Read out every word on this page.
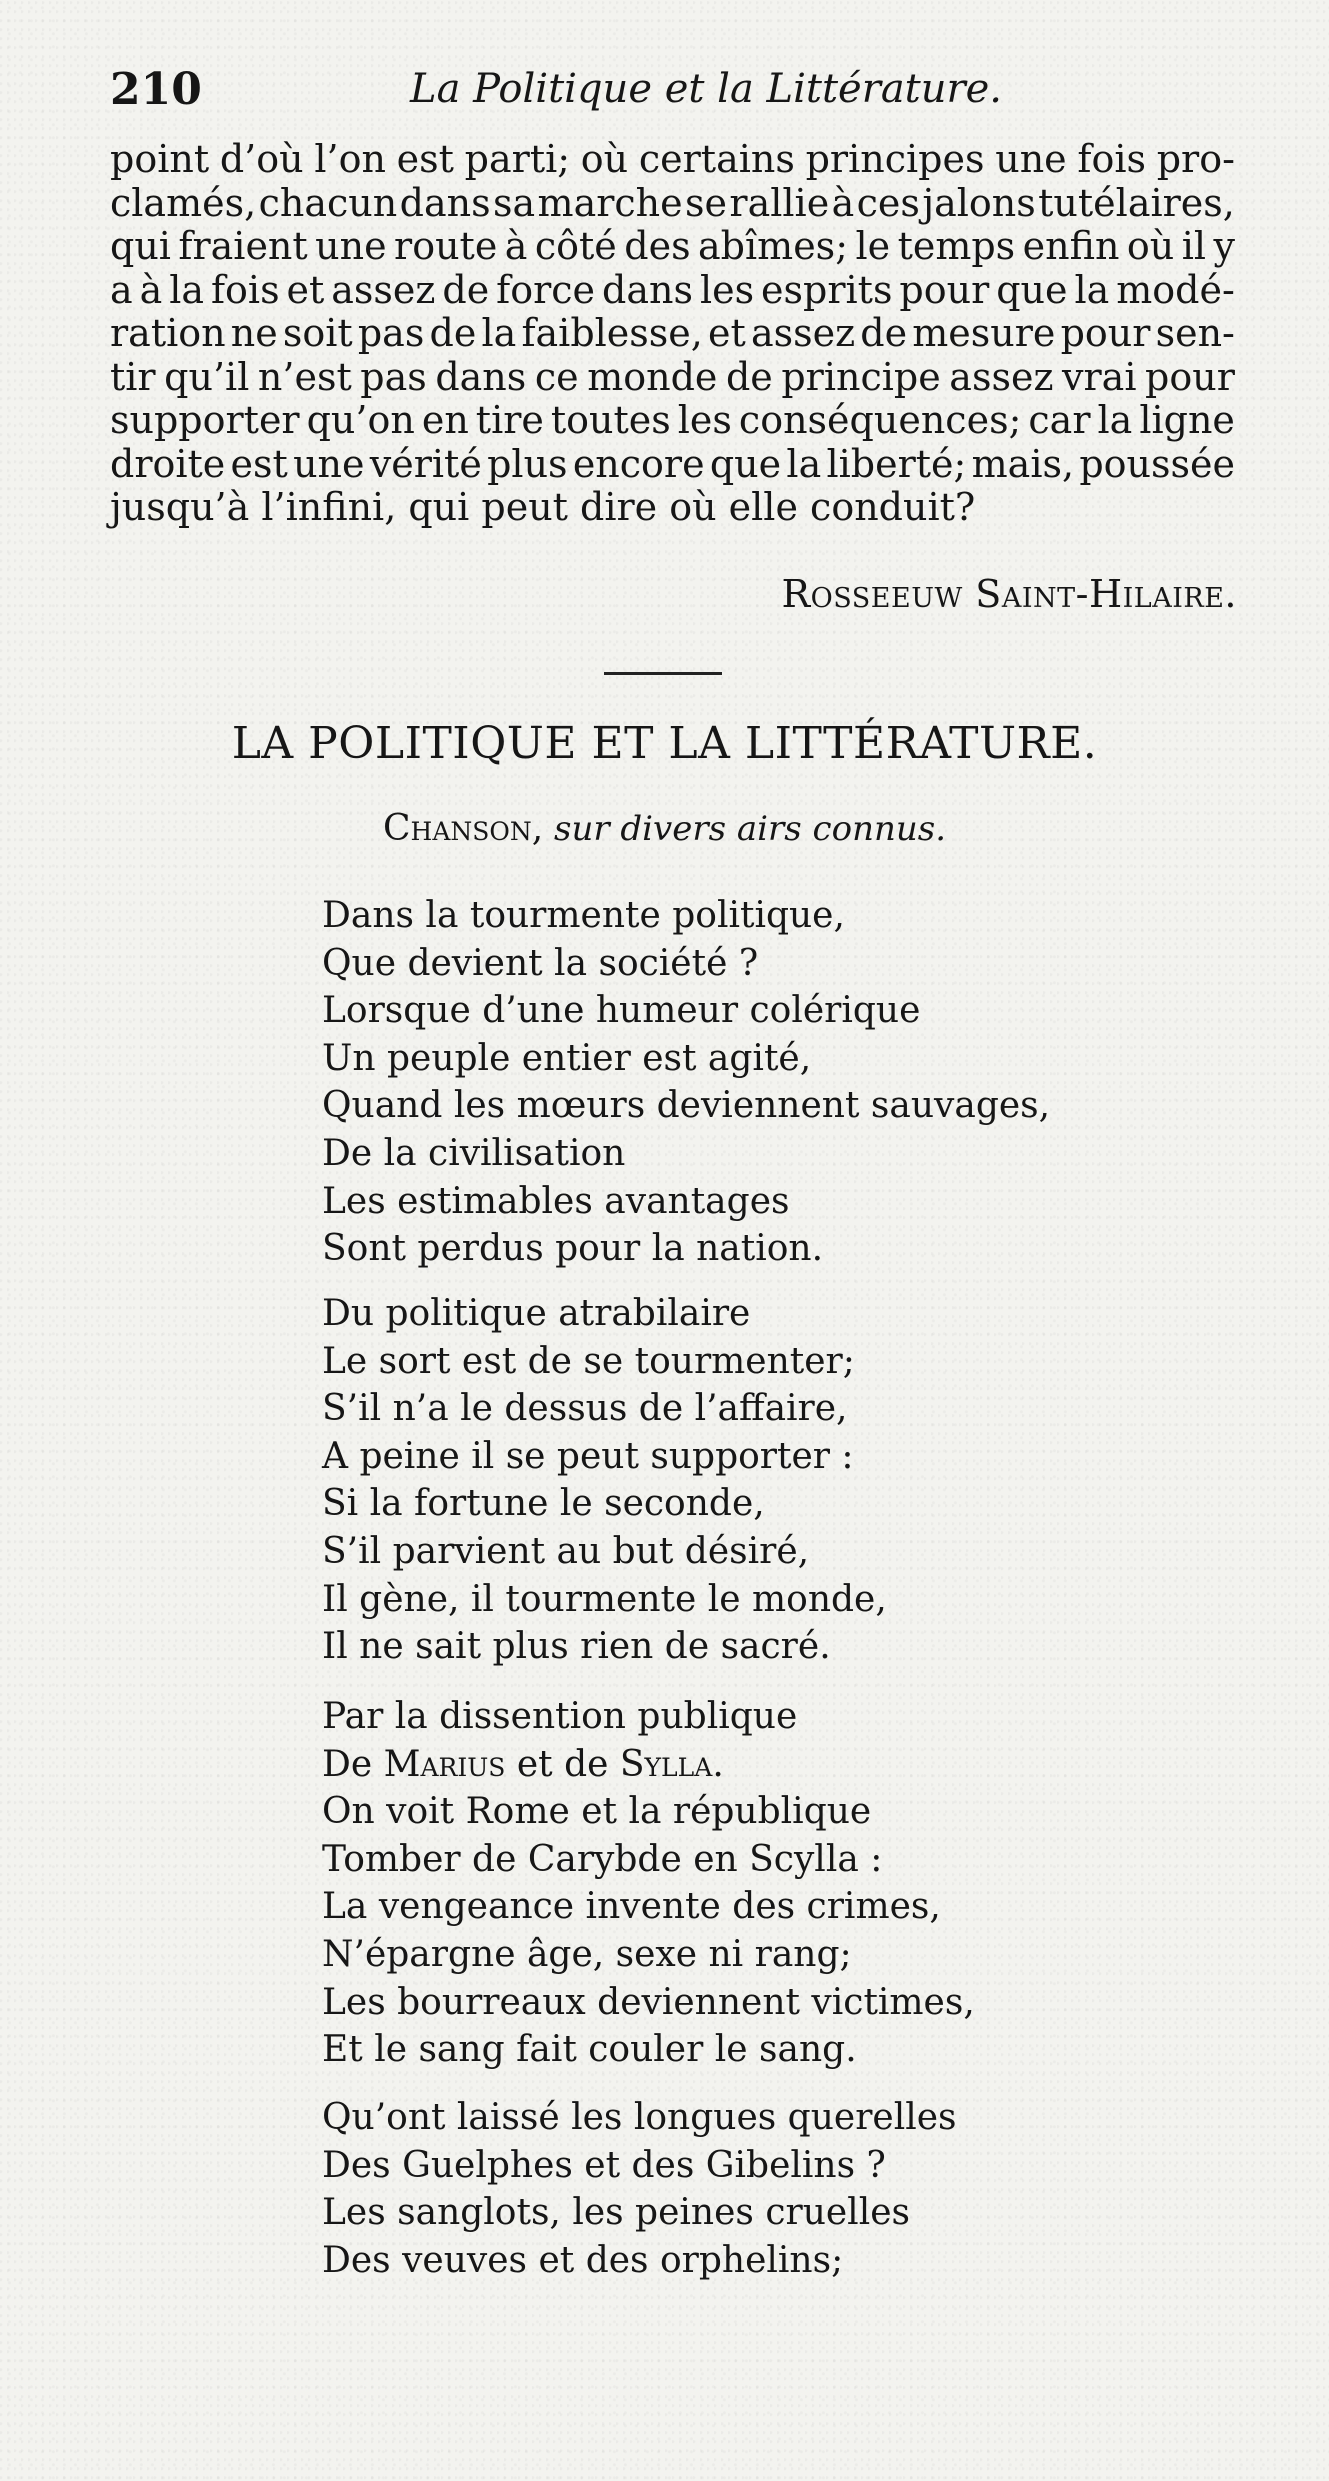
210	La Politique et la Littérature.
point d’où l’on est parti; où certains principes une fois pro-
clamés, chacun dans sa marche se rallie à ces jalons tutélaires,
qui fraient une route à côté des abîmes; le temps enfin où il y
a à la fois et assez de force dans les esprits pour que la modé-
ration ne soit pas de la faiblesse, et assez de mesure pour sen-
tir qu’il n’est pas dans ce monde de principe assez vrai pour
supporter qu’on en tire toutes les conséquences; car la ligne
droite est une vérité plus encore que la liberté; mais, poussée
jusqu’à l’infini, qui peut dire où elle conduit?
Rosseeuw Saint-Hilaire.
LA POLITIQUE ET LA LITTÉRATURE.
Chanson, sur divers airs connus.
Dans la tourmente politique,
Que devient la société ?
Lorsque d’une humeur colérique
Un peuple entier est agité,
Quand les mœurs deviennent sauvages,
De la civilisation
Les estimables avantages
Sont perdus pour la nation.
Du politique atrabilaire
Le sort est de se tourmenter;
S’il n’a le dessus de l’affaire,
A peine il se peut supporter :
Si la fortune le seconde,
S’il parvient au but désiré,
Il gène, il tourmente le monde,
Il ne sait plus rien de sacré.
Par la dissention publique
De Marius et de Sylla.
On voit Rome et la république
Tomber de Carybde en Scylla :
La vengeance invente des crimes,
N’épargne âge, sexe ni rang;
Les bourreaux deviennent victimes,
Et le sang fait couler le sang.
Qu’ont laissé les longues querelles
Des Guelphes et des Gibelins ?
Les sanglots, les peines cruelles
Des veuves et des orphelins;
